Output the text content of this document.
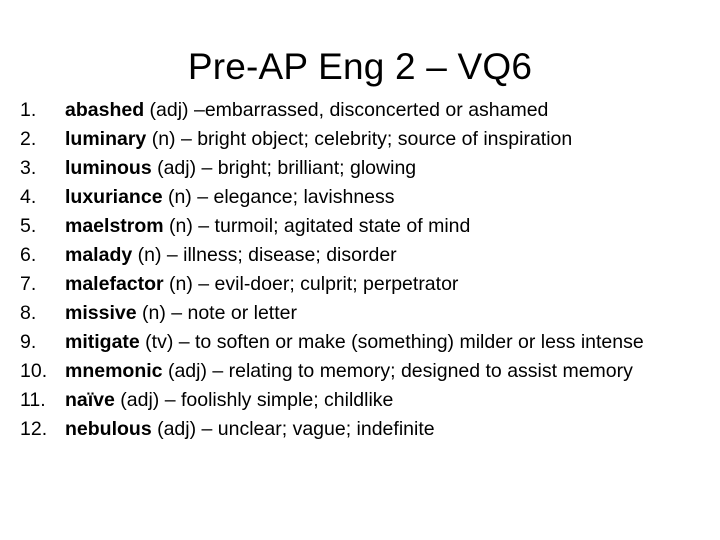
Pre-AP Eng 2 – VQ6
1.	abashed (adj) –embarrassed, disconcerted or ashamed
2.	luminary (n) – bright object; celebrity; source of inspiration
3.	luminous (adj) – bright; brilliant; glowing
4.	luxuriance (n) – elegance; lavishness
5.	maelstrom (n) – turmoil; agitated state of mind
6.	malady (n) – illness; disease; disorder
7.	malefactor (n) – evil-doer; culprit; perpetrator
8.	missive (n) – note or letter
9.	mitigate (tv) – to soften or make (something) milder or less intense
10. mnemonic (adj) – relating to memory; designed to assist memory
11. naïve (adj) – foolishly simple; childlike
12. nebulous (adj) – unclear; vague; indefinite
